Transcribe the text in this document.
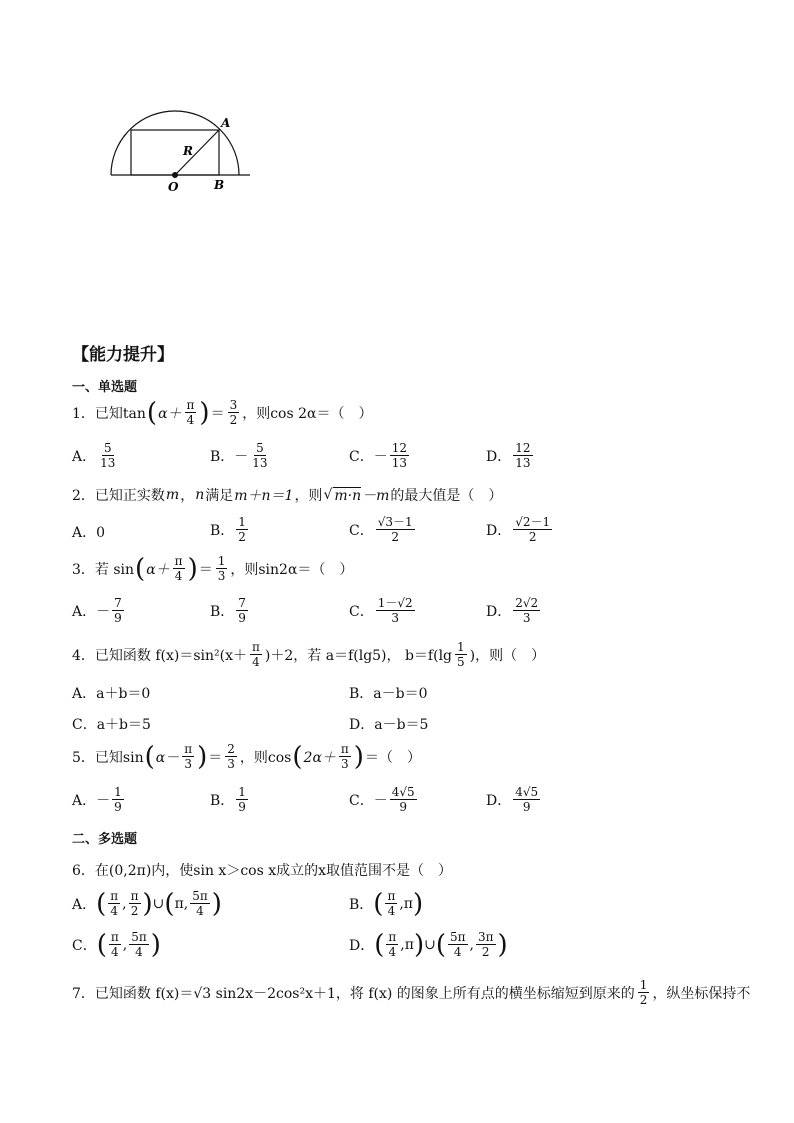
A
R
O	B
【能力提升】
一、单选题
1．已知tan ( $\alpha+ \frac{\pi}{4}$ ) ＝ $\frac{3}{2}$ ，则cos 2α＝（　）
A． $\frac{5}{13}$	B．－ $\frac{5}{13}$	C．－ $\frac{12}{13}$	D． $\frac{12}{13}$
2．已知正实数 m ， n 满足 m＋n＝1 ，则 √ m·n －m 的最大值是（　）
A．0	B． $\frac{1}{2}$	C． $\frac{√3-1}{2}$	D． $\frac{√2-1}{2}$
3．若 sin ( $\alpha+ \frac{\pi}{4}$ ) ＝ $\frac{1}{3}$ ，则sin2α＝（　）
A．－ $\frac{7}{9}$	B． $\frac{7}{9}$	C． $\frac{1-√2}{3}$	D． $\frac{2√2}{3}$
4．已知函数 $f(x)=\sin^2(x+ \frac{\pi}{4} )+2$，若 a＝f(lg5)， $b=f(\lg \frac{1}{5}$ )，则（　）
A．a＋b＝0	B．a－b＝0
C．a＋b＝5	D．a－b＝5
5．已知sin ( $\alpha- \frac{\pi}{3}$ ) ＝ $\frac{2}{3}$ ，则cos ( $2\alpha+ \frac{\pi}{3}$ ) ＝（　）
A．－ $\frac{1}{9}$	B． $\frac{1}{9}$	C．－ $\frac{4√5}{9}$	D． $\frac{4√5}{9}$
二、多选题
6．在(0,2π)内，使sin x＞cos x成立的x取值范围不是（　）
A． ( $\frac{\pi}{4}$ , $\frac{\pi}{2}$ ) ∪ ( π, $\frac{5\pi}{4}$ )	B． ( $\frac{\pi}{4} ,\pi$ )
C． ( $\frac{\pi}{4}$ , $\frac{5\pi}{4}$ )	D． ( $\frac{\pi}{4} ,\pi$ ) ∪ ( $\frac{5\pi}{4}$ , $\frac{3\pi}{2}$ )
7．已知函数 f(x)＝√3 sin2x－2cos²x＋1，将 f(x) 的图象上所有点的横坐标缩短到原来的 $\frac{1}{2}$ ，纵坐标保持不
